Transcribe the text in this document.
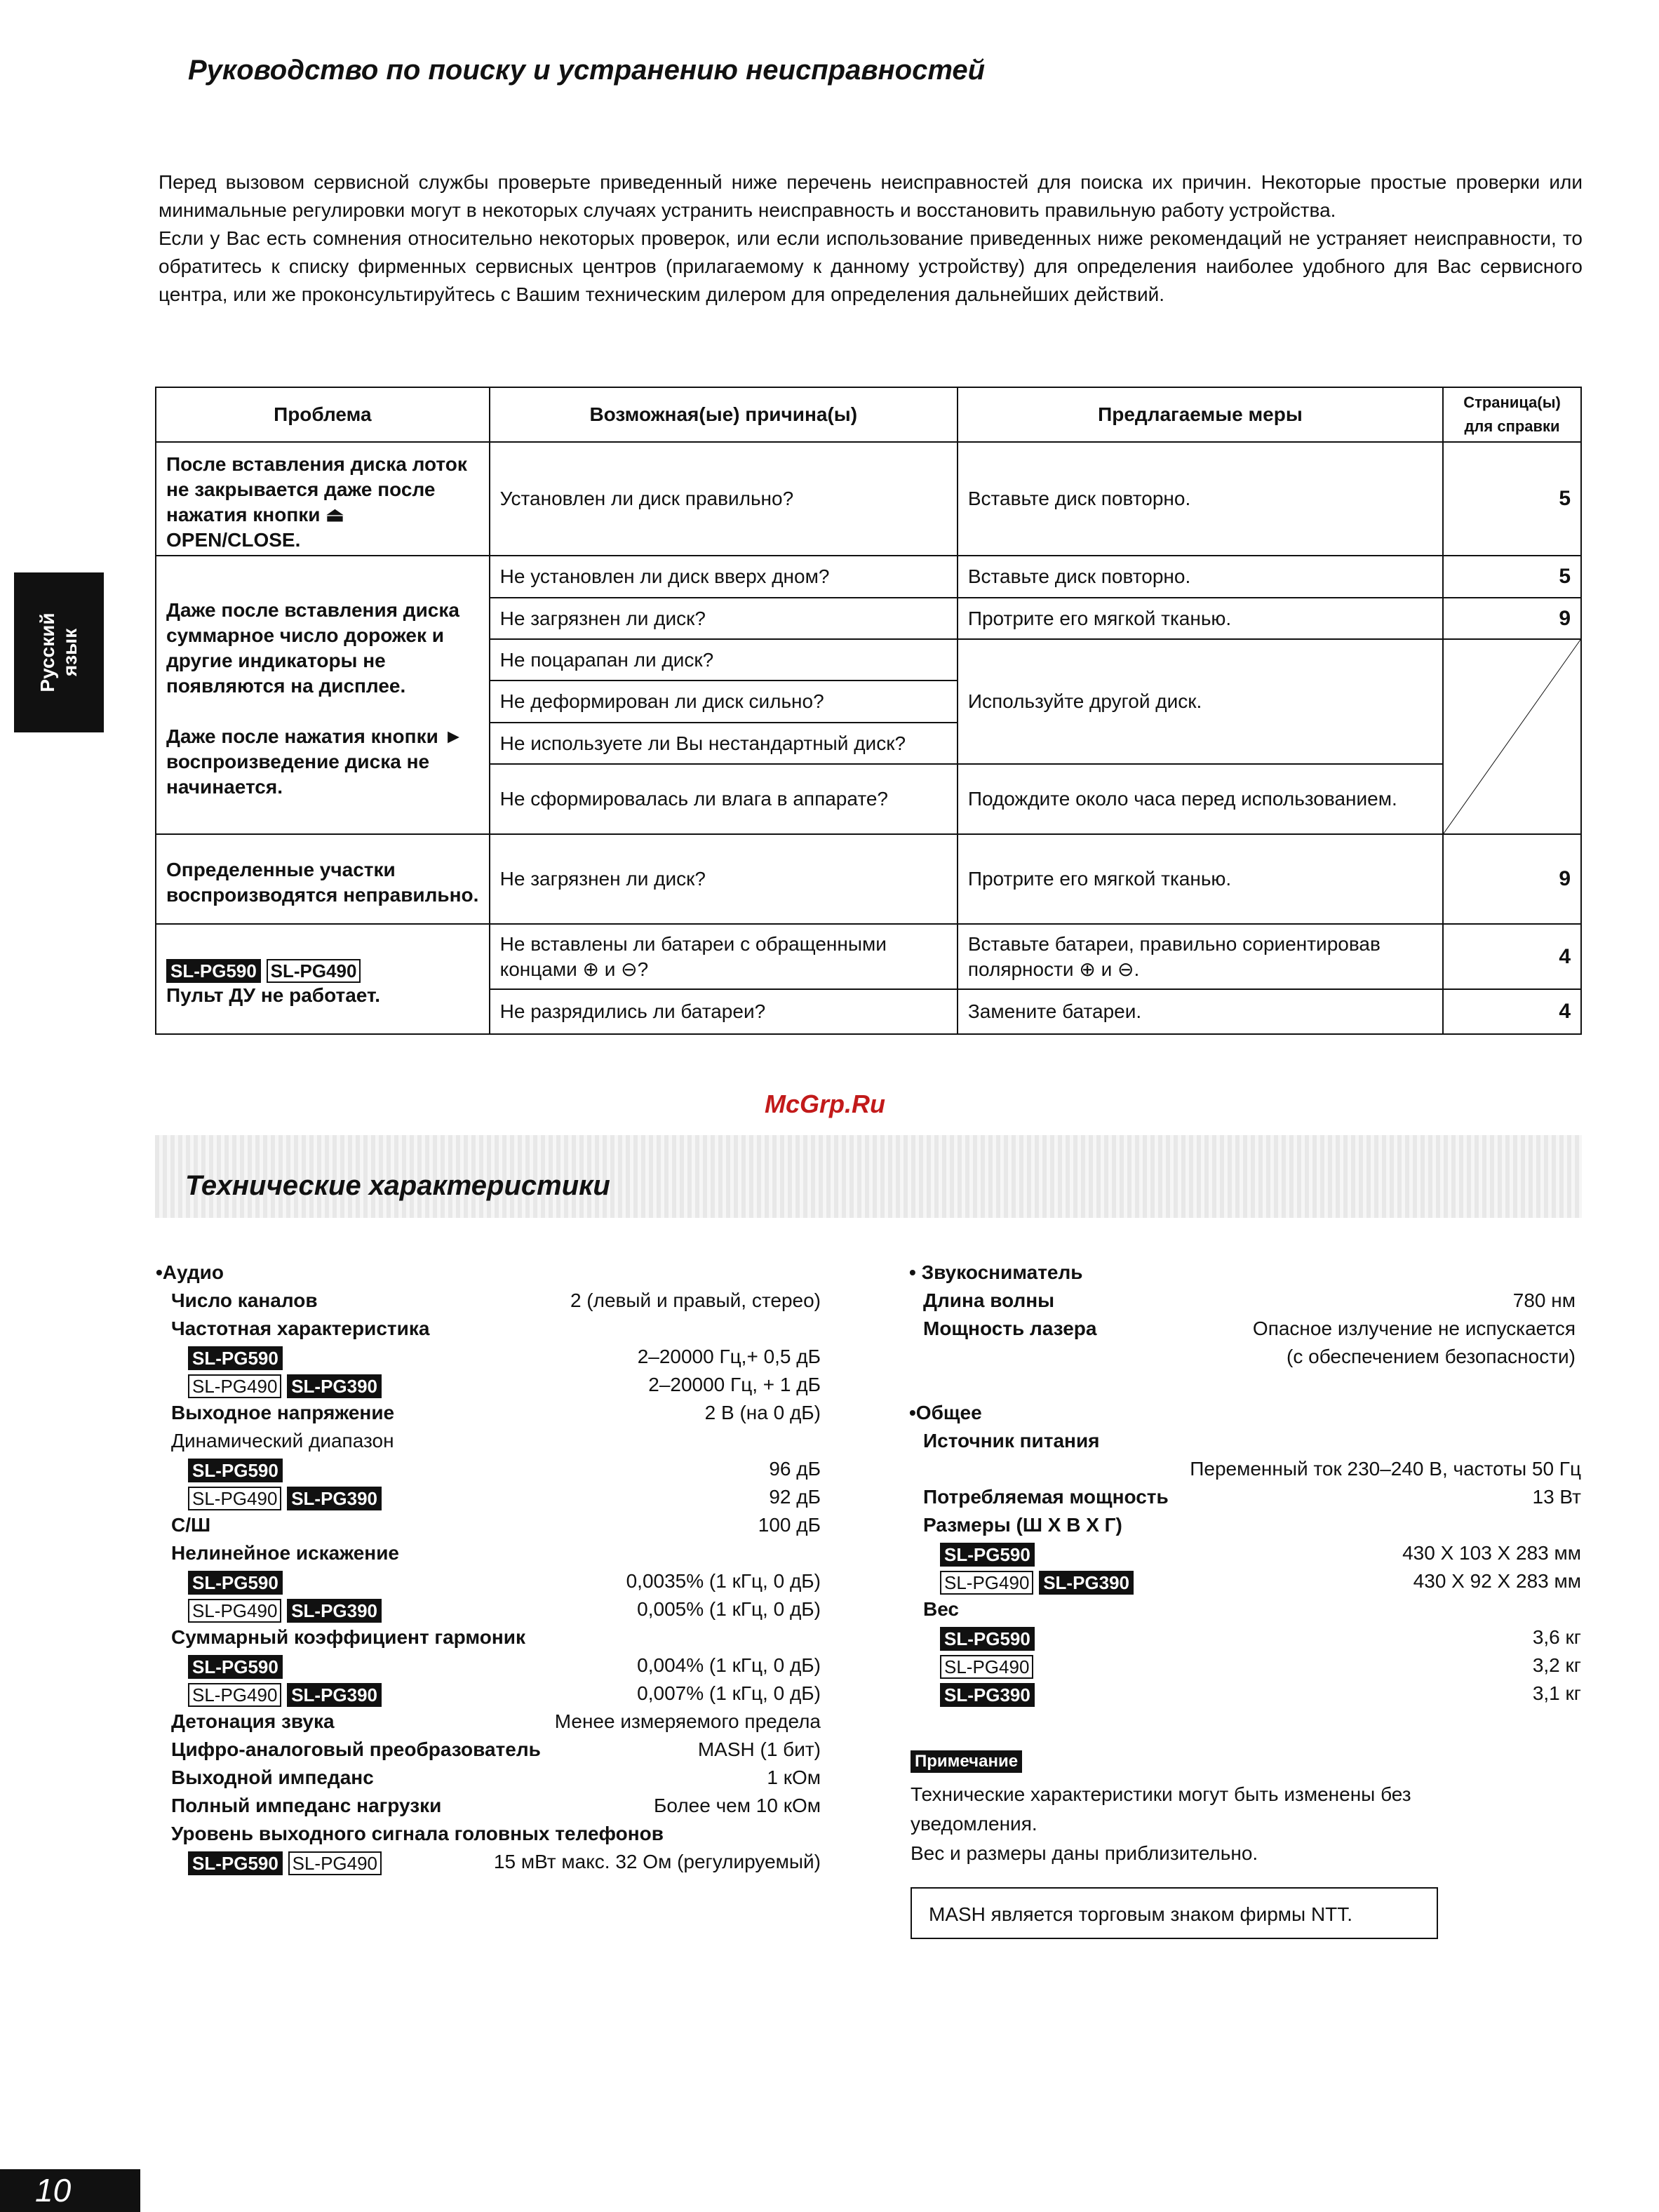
Руководство по поиску и устранению неисправностей

Перед вызовом сервисной службы проверьте приведенный ниже перечень неисправностей для поиска их причин. Некоторые простые проверки или минимальные регулировки могут в некоторых случаях устранить неисправность и восстановить правильную работу устройства.

Если у Вас есть сомнения относительно некоторых проверок, или если использование приведенных ниже рекомендаций не устраняет неисправности, то обратитесь к списку фирменных сервисных центров (прилагаемому к данному устройству) для определения наиболее удобного для Вас сервисного центра, или же проконсультируйтесь с Вашим техническим дилером для определения дальнейших действий.

Русский язык
Проблема	Возможная(ые) причина(ы)	Предлагаемые меры	Страница(ы)
для справки
После вставления диска лоток не закрывается даже после нажатия кнопки ⏏ OPEN/CLOSE.	Установлен ли диск правильно?	Вставьте диск повторно.	5
Даже после вставления диска суммарное число дорожек и другие индикаторы не появляются на дисплее.

Даже после нажатия кнопки ► воспроизведение диска не начинается.	Не установлен ли диск вверх дном?	Вставьте диск повторно.	5
	Не загрязнен ли диск?	Протрите его мягкой тканью.	9
	Не поцарапан ли диск?	Используйте другой диск.	

	Не деформирован ли диск сильно?		
	Не используете ли Вы нестандартный диск?		
	Не сформировалась ли влага в аппарате?	Подождите около часа перед использованием.	
Определенные участки воспроизводятся неправильно.	Не загрязнен ли диск?	Протрите его мягкой тканью.	9
SL-PG590 SL-PG490
Пульт ДУ не работает.	Не вставлены ли батареи с обращенными концами ⊕ и ⊖?	Вставьте батареи, правильно сориентировав полярности ⊕ и ⊖.	4
	Не разрядились ли батареи?	Замените батареи.	4
McGrp.Ru
Технические характеристики
•Аудио
Число каналов	2 (левый и правый, стерео)
Частотная характеристика
SL-PG590	2–20000 Гц,+ 0,5 дБ
SL-PG490 SL-PG390	2–20000 Гц, + 1 дБ
Выходное напряжение	2 В (на 0 дБ)
Динамический диапазон
SL-PG590	96 дБ
SL-PG490 SL-PG390	92 дБ
С/Ш	100 дБ
Нелинейное искажение
SL-PG590	0,0035% (1 кГц, 0 дБ)
SL-PG490 SL-PG390	0,005% (1 кГц, 0 дБ)
Суммарный коэффициент гармоник
SL-PG590	0,004% (1 кГц, 0 дБ)
SL-PG490 SL-PG390	0,007% (1 кГц, 0 дБ)
Детонация звука	Менее измеряемого предела
Цифро-аналоговый преобразователь	MASH (1 бит)
Выходной импеданс	1 кОм
Полный импеданс нагрузки	Более чем 10 кОм
Уровень выходного сигнала головных телефонов
SL-PG590 SL-PG490	15 мВт макс. 32 Ом (регулируемый)
• Звукосниматель
Длина волны	780 нм
Мощность лазера	Опасное излучение не испускается
(с обеспечением безопасности)
•Общее
Источник питания
Переменный ток 230–240 В, частоты 50 Гц
Потребляемая мощность	13 Вт
Размеры (Ш Х В Х Г)
SL-PG590	430 X 103 X 283 мм
SL-PG490 SL-PG390	430 X 92 X 283 мм
Вес
SL-PG590	3,6 кг
SL-PG490	3,2 кг
SL-PG390	3,1 кг
Примечание
Технические характеристики могут быть изменены без
уведомления.
Вес и размеры даны приблизительно.
MASH является торговым знаком фирмы NTT.
10
